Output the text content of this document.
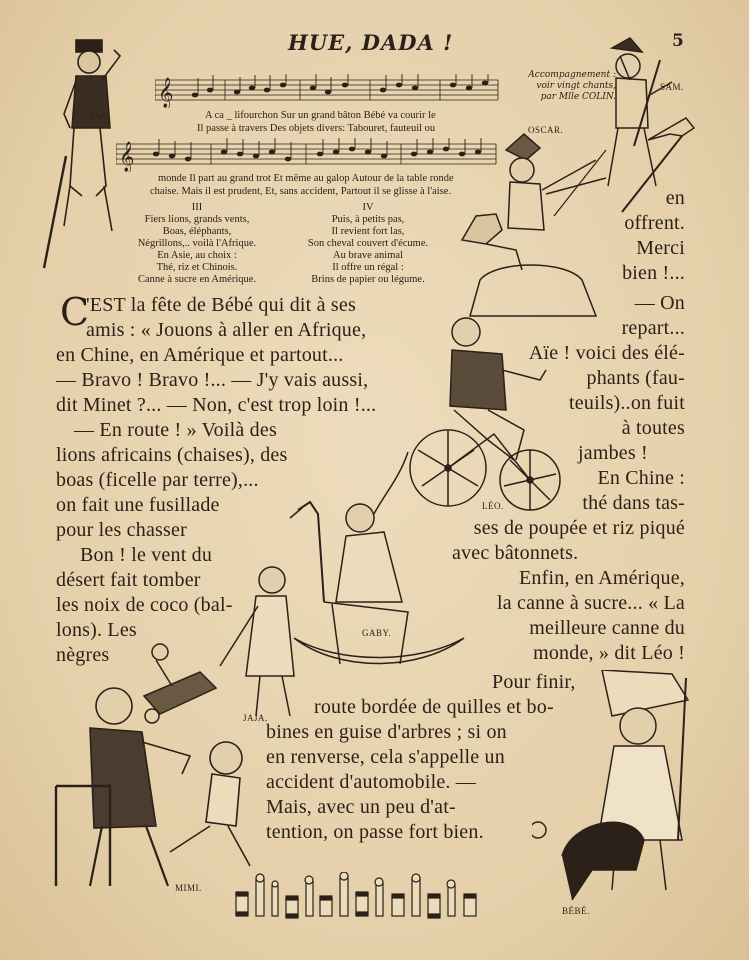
HUE, DADA !	5
Accompagnement :
voir vingt chants,
par Mlle COLIN.
𝄞
A ca _ lifourchon Sur un grand bâton Bébé va courir le
Il passe à travers Des objets divers: Tabouret, fauteuil ou
𝄞
monde Il part au grand trot Et même au galop Autour de la table ronde
chaise. Mais il est prudent, Et, sans accident, Partout il se glisse à l'aise.
III
Fiers lions, grands vents,
Boas, éléphants,
Négrillons,.. voilà l'Afrique.
En Asie, au choix :
Thé, riz et Chinois.
Canne à sucre en Amérique.
IV
Puis, à petits pas,
Il revient fort las,
Son cheval couvert d'écume.
Au brave animal
Il offre un régal :
Brins de papier ou légume.
JAC.
SAM.
OSCAR.
LÉO.
GABY.
JAJA.
MIMI.
BÉBÉ.
C
'EST la fête de Bébé qui dit à ses
amis : « Jouons à aller en Afrique,
en Chine, en Amérique et partout...
— Bravo ! Bravo !... — J'y vais aussi,
dit Minet ?... — Non, c'est trop loin !...
— En route ! » Voilà des
lions africains (chaises), des
boas (ficelle par terre),...
on fait une fusillade
pour les chasser
Bon ! le vent du
désert fait tomber
les noix de coco (bal-
lons). Les
nègres
en
offrent.
Merci
bien !...
— On
repart...
Aïe ! voici des élé-
phants (fau-
teuils)..on fuit
à toutes
jambes !
En Chine :
thé dans tas-
ses de poupée et riz piqué
avec bâtonnets.
Enfin, en Amérique,
la canne à sucre... « La
meilleure canne du
monde, » dit Léo !
Pour finir,
route bordée de quilles et bo-
bines en guise d'arbres ; si on
en renverse, cela s'appelle un
accident d'automobile. —
Mais, avec un peu d'at-
tention, on passe fort bien.
